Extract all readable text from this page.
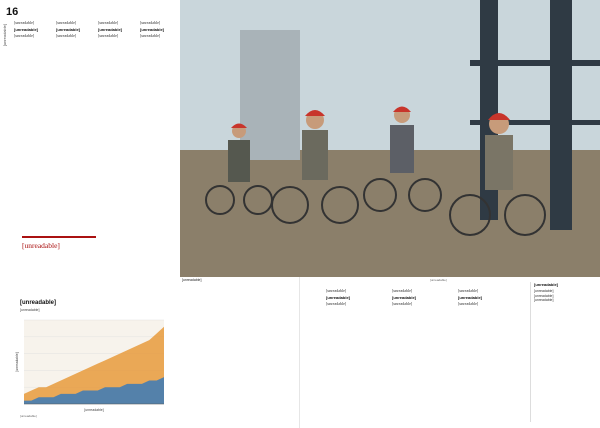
16
[unreadable]

[unreadable]

[unreadable]

[unreadable]

[unreadable]

[unreadable]

[unreadable]

[unreadable]

[unreadable]

[unreadable]

[unreadable]

[unreadable]

[unreadable]

[unreadable]
[unreadable]
[unreadable]
[unreadable]
[unreadable]
[unreadable]
[unreadable]	[unreadable]

[unreadable]

[unreadable]

[unreadable]

[unreadable]

[unreadable]

[unreadable]

[unreadable]

[unreadable]

[unreadable]

[unreadable]
[unreadable]
[unreadable]
[unreadable]
